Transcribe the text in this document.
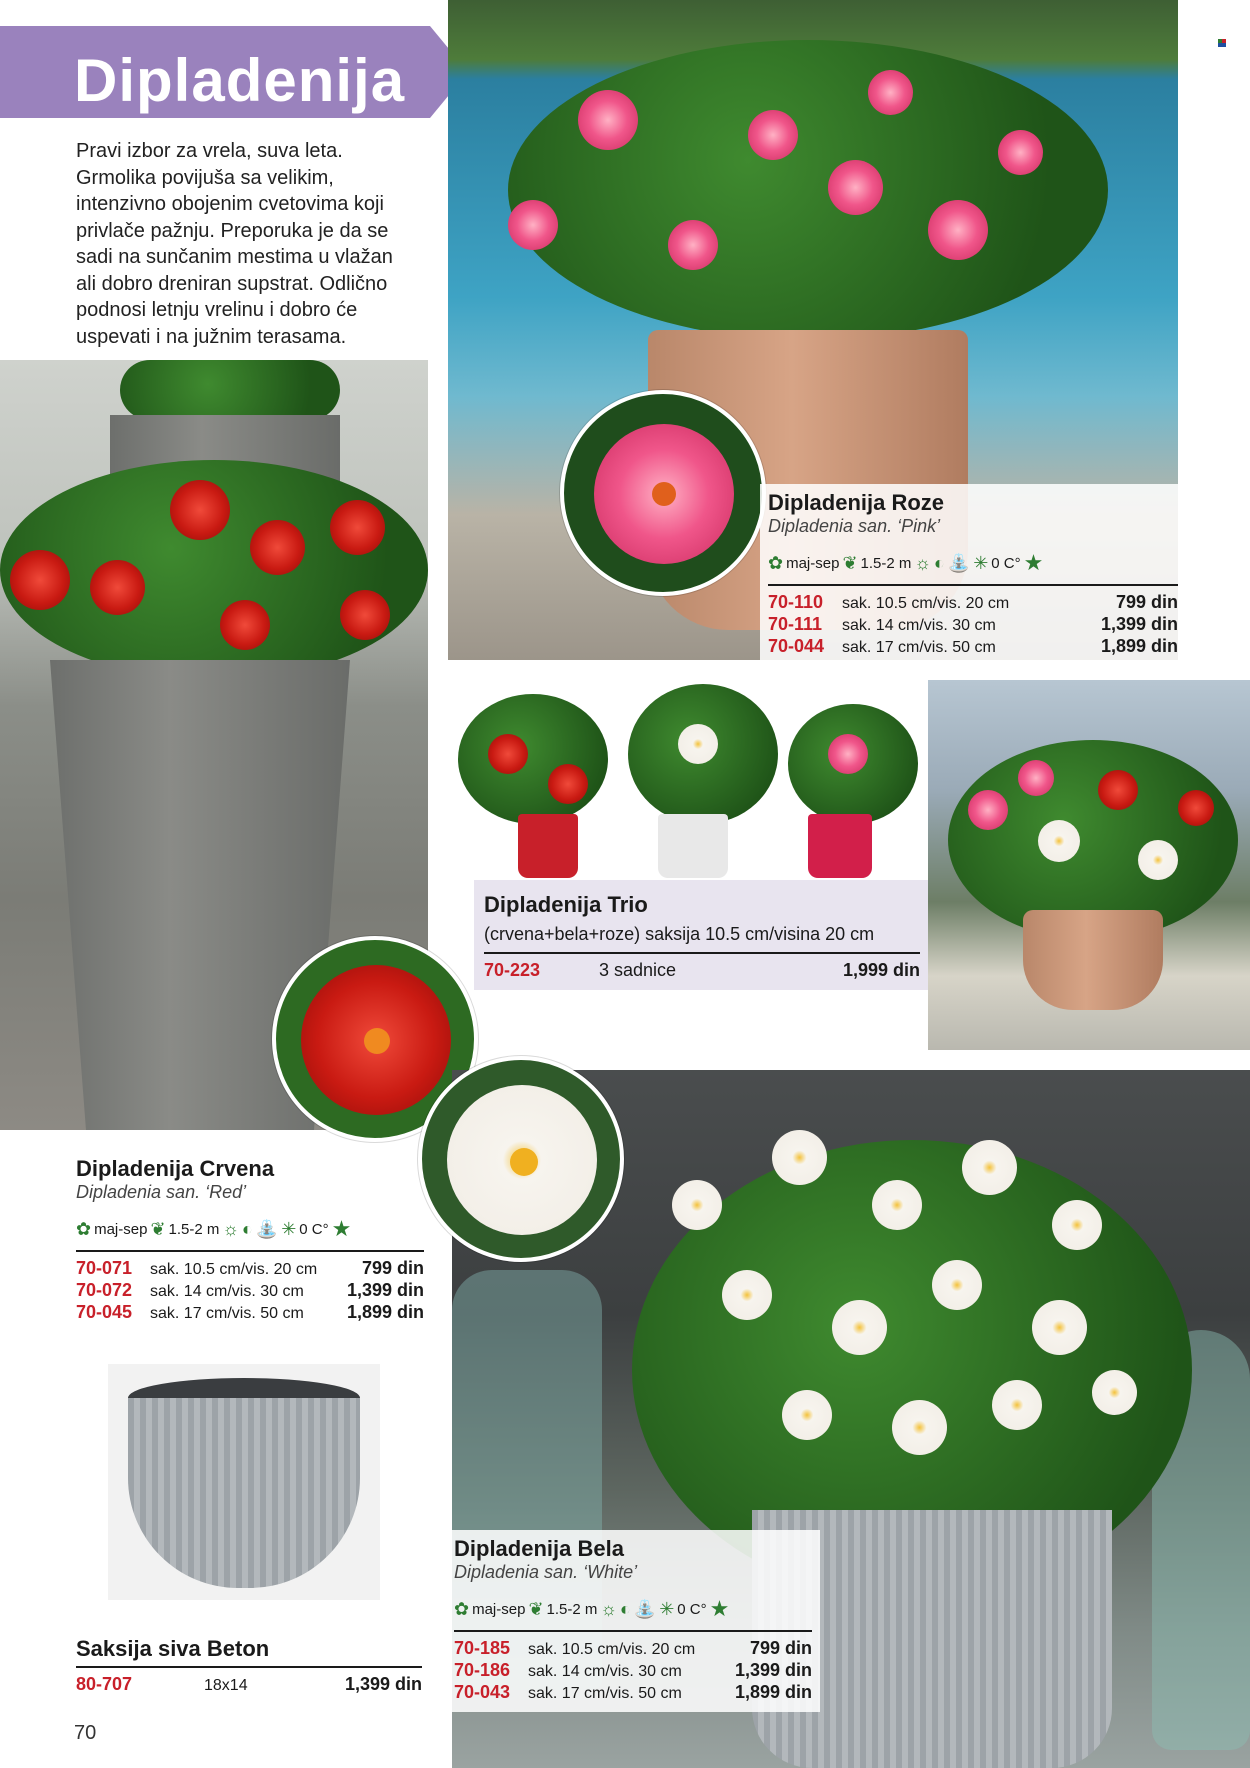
Dipladenija
Pravi izbor za vrela, suva leta.
Grmolika povijuša sa velikim,
intenzivno obojenim cvetovima koji
privlače pažnju. Preporuka je da se
sadi na sunčanim mestima u vlažan
ali dobro dreniran supstrat. Odlično
podnosi letnju vrelinu i dobro će
uspevati i na južnim terasama.
Dipladenija Roze
Dipladenia san. ‘Pink’
✿ maj-sep ❦ 1.5-2 m ☼ ◐ ⛲ ✳ 0 C° ★
70-110	sak. 10.5 cm/vis. 20 cm	799 din
70-111	sak. 14 cm/vis. 30 cm	1,399 din
70-044	sak. 17 cm/vis. 50 cm	1,899 din
Dipladenija Trio
(crvena+bela+roze) saksija 10.5 cm/visina 20 cm
70-223	3 sadnice	1,999 din
Dipladenija Crvena
Dipladenia san. ‘Red’
✿ maj-sep ❦ 1.5-2 m ☼ ◐ ⛲ ✳ 0 C° ★
70-071	sak. 10.5 cm/vis. 20 cm	799 din
70-072	sak. 14 cm/vis. 30 cm	1,399 din
70-045	sak. 17 cm/vis. 50 cm	1,899 din
Dipladenija Bela
Dipladenia san. ‘White’
✿ maj-sep ❦ 1.5-2 m ☼ ◐ ⛲ ✳ 0 C° ★
70-185	sak. 10.5 cm/vis. 20 cm	799 din
70-186	sak. 14 cm/vis. 30 cm	1,399 din
70-043	sak. 17 cm/vis. 50 cm	1,899 din
Saksija siva Beton
80-707	18x14	1,399 din
70
